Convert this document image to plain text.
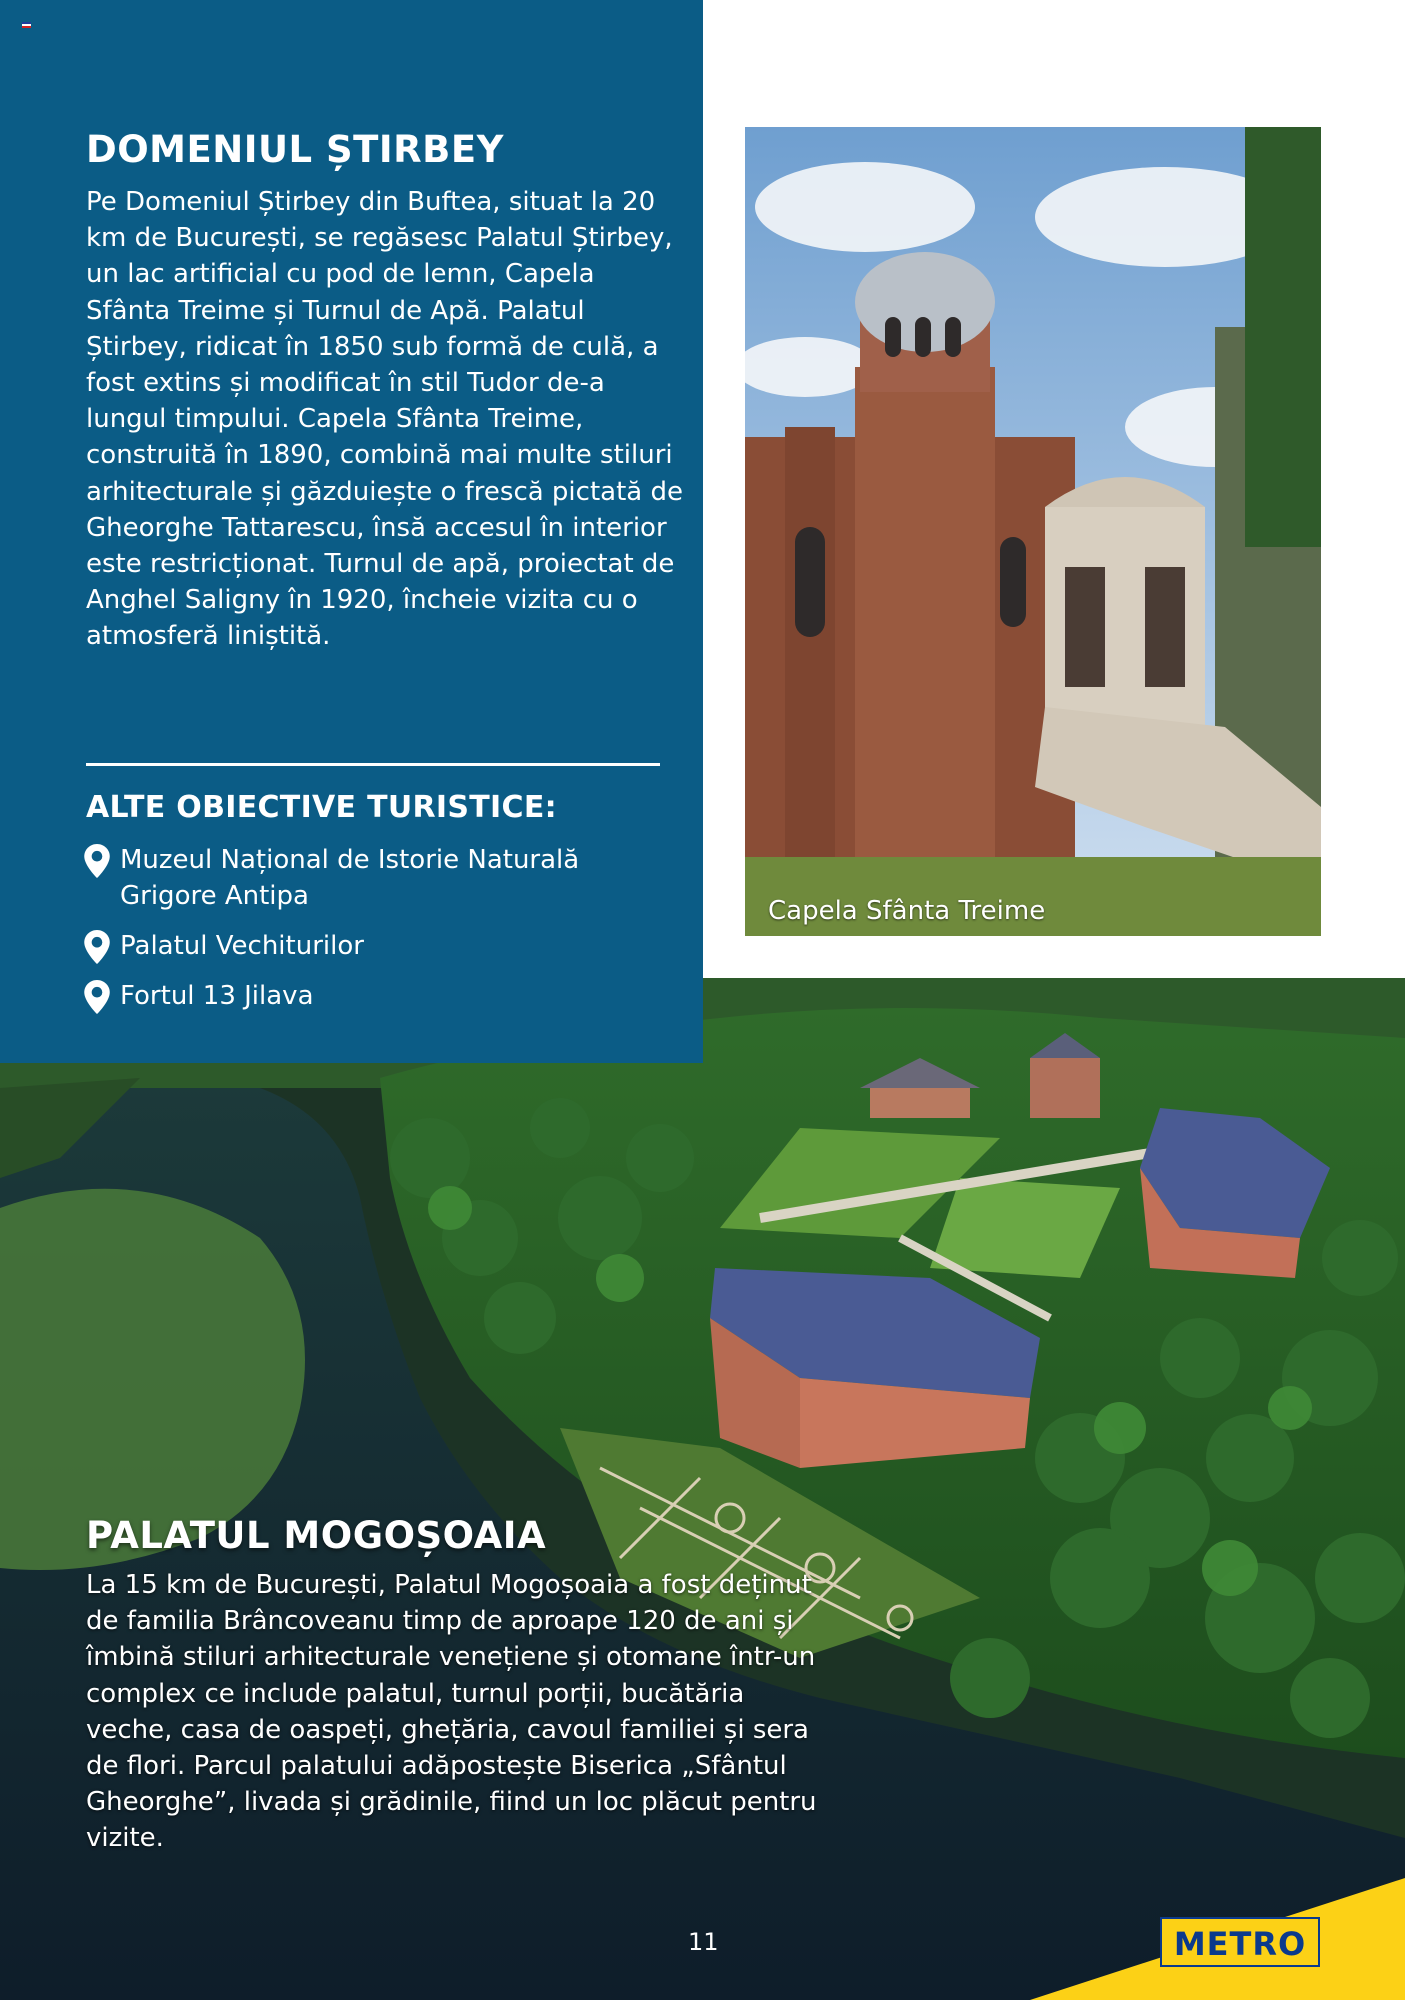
DOMENIUL ȘTIRBEY

Pe Domeniul Știrbey din Buftea, situat la 20 km de București, se regăsesc Palatul Știrbey, un lac artificial cu pod de lemn, Capela Sfânta Treime și Turnul de Apă. Palatul Știrbey, ridicat în 1850 sub formă de culă, a fost extins și modificat în stil Tudor de-a lungul timpului. Capela Sfânta Treime, construită în 1890, combină mai multe stiluri arhitecturale și găzduiește o frescă pictată de Gheorghe Tattarescu, însă accesul în interior este restricționat. Turnul de apă, proiectat de Anghel Saligny în 1920, încheie vizita cu o atmosferă liniștită.

ALTE OBIECTIVE TURISTICE:
Muzeul Național de Istorie Naturală Grigore Antipa
Palatul Vechiturilor
Fortul 13 Jilava
Capela Sfânta Treime
PALATUL MOGOȘOAIA

La 15 km de București, Palatul Mogoșoaia a fost deținut de familia Brâncoveanu timp de aproape 120 de ani și îmbină stiluri arhitecturale venețiene și otomane într-un complex ce include palatul, turnul porții, bucătăria veche, casa de oaspeți, ghețăria, cavoul familiei și sera de flori. Parcul palatului adăpostește Biserica „Sfântul Gheorghe”, livada și grădinile, fiind un loc plăcut pentru vizite.

11	METRO
